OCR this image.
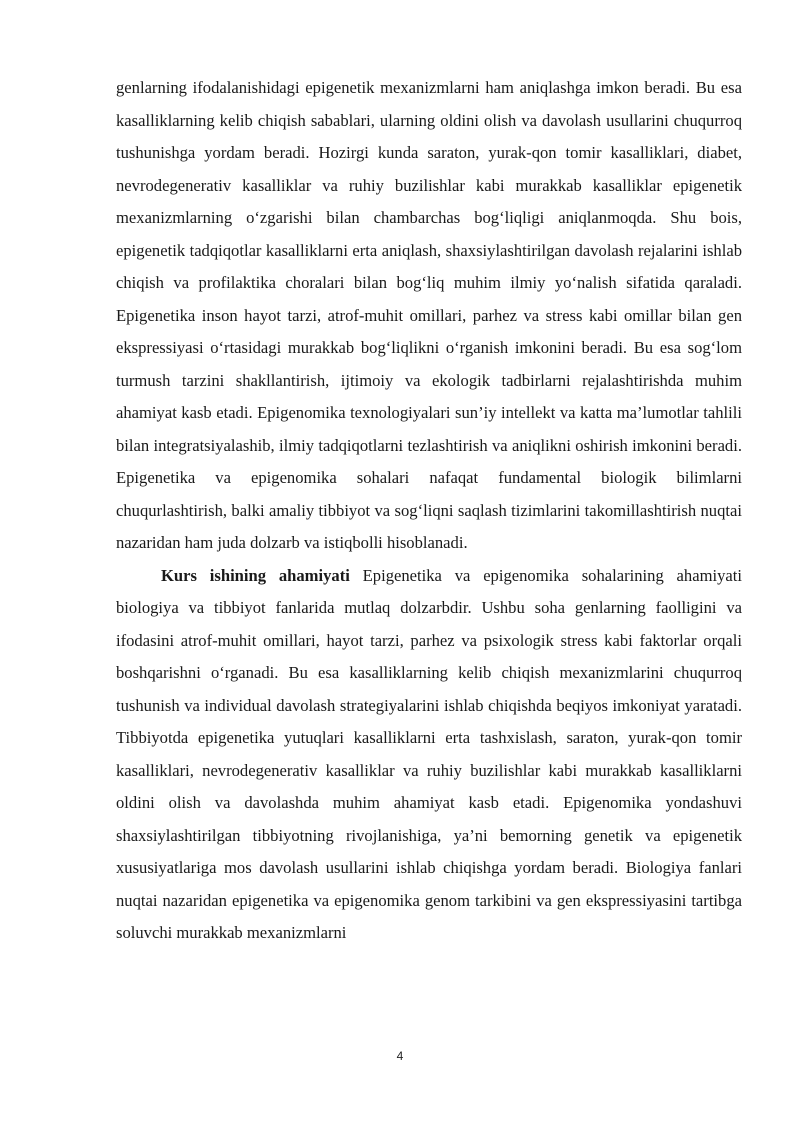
genlarning ifodalanishidagi epigenetik mexanizmlarni ham aniqlashga imkon beradi. Bu esa kasalliklarning kelib chiqish sabablari, ularning oldini olish va davolash usullarini chuqurroq tushunishga yordam beradi. Hozirgi kunda saraton, yurak-qon tomir kasalliklari, diabet, nevrodegenerativ kasalliklar va ruhiy buzilishlar kabi murakkab kasalliklar epigenetik mexanizmlarning o‘zgarishi bilan chambarchas bog‘liqligi aniqlanmoqda. Shu bois, epigenetik tadqiqotlar kasalliklarni erta aniqlash, shaxsiylashtirilgan davolash rejalarini ishlab chiqish va profilaktika choralari bilan bog‘liq muhim ilmiy yo‘nalish sifatida qaraladi. Epigenetika inson hayot tarzi, atrof-muhit omillari, parhez va stress kabi omillar bilan gen ekspressiyasi o‘rtasidagi murakkab bog‘liqlikni o‘rganish imkonini beradi. Bu esa sog‘lom turmush tarzini shakllantirish, ijtimoiy va ekologik tadbirlarni rejalashtirishda muhim ahamiyat kasb etadi. Epigenomika texnologiyalari sun’iy intellekt va katta ma’lumotlar tahlili bilan integratsiyalashib, ilmiy tadqiqotlarni tezlashtirish va aniqlikni oshirish imkonini beradi. Epigenetika va epigenomika sohalari nafaqat fundamental biologik bilimlarni chuqurlashtirish, balki amaliy tibbiyot va sog‘liqni saqlash tizimlarini takomillashtirish nuqtai nazaridan ham juda dolzarb va istiqbolli hisoblanadi.

Kurs ishining ahamiyati Epigenetika va epigenomika sohalarining ahamiyati biologiya va tibbiyot fanlarida mutlaq dolzarbdir. Ushbu soha genlarning faolligini va ifodasini atrof-muhit omillari, hayot tarzi, parhez va psixologik stress kabi faktorlar orqali boshqarishni o‘rganadi. Bu esa kasalliklarning kelib chiqish mexanizmlarini chuqurroq tushunish va individual davolash strategiyalarini ishlab chiqishda beqiyos imkoniyat yaratadi. Tibbiyotda epigenetika yutuqlari kasalliklarni erta tashxislash, saraton, yurak-qon tomir kasalliklari, nevrodegenerativ kasalliklar va ruhiy buzilishlar kabi murakkab kasalliklarni oldini olish va davolashda muhim ahamiyat kasb etadi. Epigenomika yondashuvi shaxsiylashtirilgan tibbiyotning rivojlanishiga, ya’ni bemorning genetik va epigenetik xususiyatlariga mos davolash usullarini ishlab chiqishga yordam beradi. Biologiya fanlari nuqtai nazaridan epigenetika va epigenomika genom tarkibini va gen ekspressiyasini tartibga soluvchi murakkab mexanizmlarni

4
